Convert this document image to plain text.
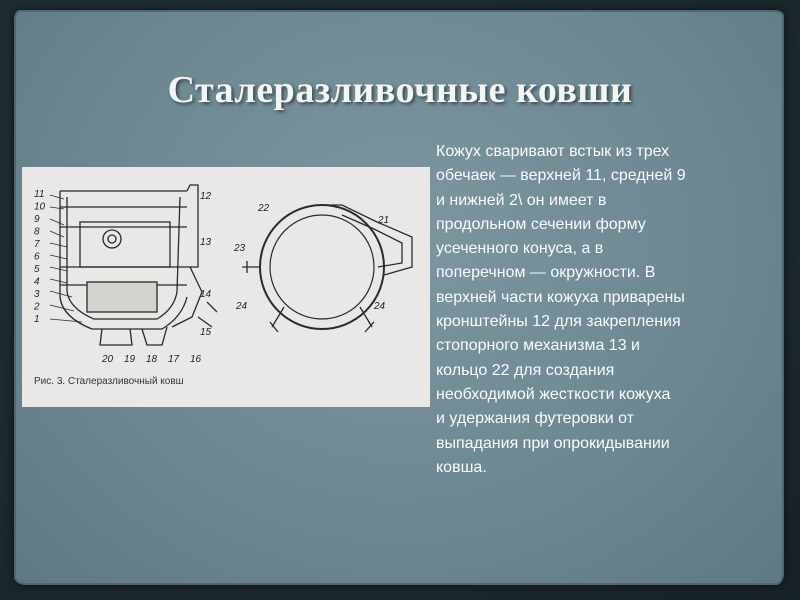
Сталеразливочные ковши
11
10
9
8
7
6
5
4
3
2
1
12
13
14
15
20 19 18 17 16
22
21
23
24	24
Рис. 3. Сталеразливочный ковш
Кожух сваривают встык из трех
обечаек — верхней 11, средней 9
и нижней 2\ он имеет в
продольном сечении форму
усеченного конуса, а в
поперечном — окружности. В
верхней части кожуха приварены
кронштейны 12 для закрепления
стопорного механизма 13 и
кольцо 22 для создания
необходимой жесткости кожуха
и удержания футеровки от
выпадания при опрокидывании
ковша.
